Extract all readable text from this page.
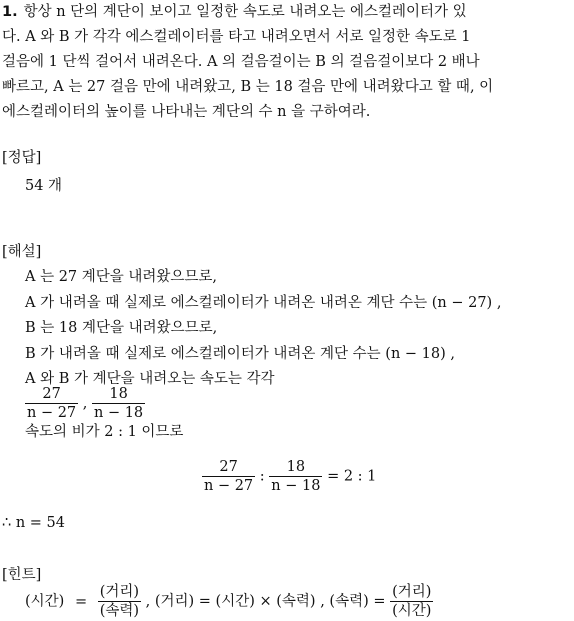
1. 항상 n 단의 계단이 보이고 일정한 속도로 내려오는 에스컬레이터가 있
다. A 와 B 가 각각 에스컬레이터를 타고 내려오면서 서로 일정한 속도로 1
걸음에 1 단씩 걸어서 내려온다. A 의 걸음걸이는 B 의 걸음걸이보다 2 배나
빠르고, A 는 27 걸음 만에 내려왔고, B 는 18 걸음 만에 내려왔다고 할 때, 이
에스컬레이터의 높이를 나타내는 계단의 수 n 을 구하여라.
[정답]
54 개
[해설]
A 는 27 계단을 내려왔으므로,
A 가 내려올 때 실제로 에스컬레이터가 내려온 내려온 계단 수는 (n − 27) ,
B 는 18 계단을 내려왔으므로,
B 가 내려올 때 실제로 에스컬레이터가 내려온 계단 수는 (n − 18) ,
A 와 B 가 계단을 내려오는 속도는 각각
$\frac{27}{n - 27}$ , $\frac{18}{n - 18}$
속도의 비가 2 : 1 이므로
$\frac{27}{n - 27}$ : $\frac{18}{n - 18} = 2$ : 1
∴ n = 54
[힌트]
(시간) = $\frac{\text{(거리)}}{\text{(속력)}}$ , (거리) = (시간) × (속력) , (속력) = $\frac{\text{(거리)}}{\text{(시간)}}$
